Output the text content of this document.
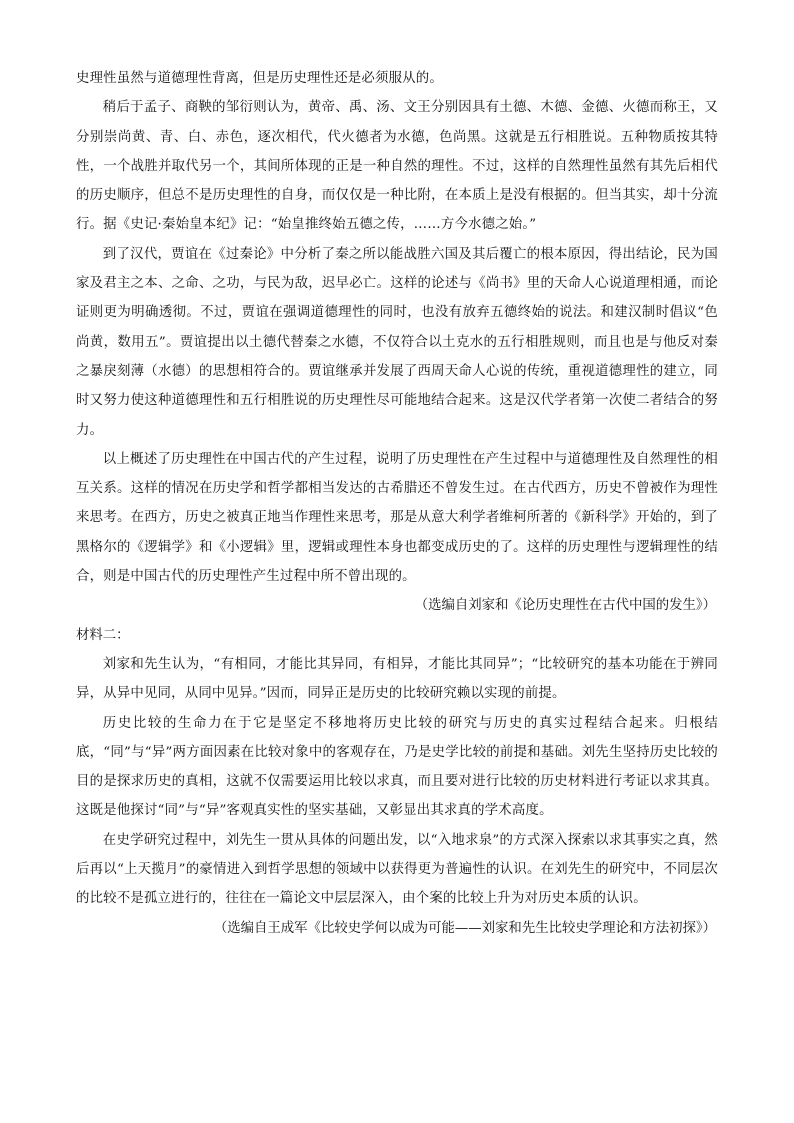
史理性虽然与道德理性背离，但是历史理性还是必须服从的。

稍后于孟子、商鞅的邹衍则认为，黄帝、禹、汤、文王分别因具有土德、木德、金德、火德而称王，又分别崇尚黄、青、白、赤色，逐次相代，代火德者为水德，色尚黑。这就是五行相胜说。五种物质按其特性，一个战胜并取代另一个，其间所体现的正是一种自然的理性。不过，这样的自然理性虽然有其先后相代的历史顺序，但总不是历史理性的自身，而仅仅是一种比附，在本质上是没有根据的。但当其实，却十分流行。据《史记·秦始皇本纪》记：“始皇推终始五德之传，……方今水德之始。”

到了汉代，贾谊在《过秦论》中分析了秦之所以能战胜六国及其后覆亡的根本原因，得出结论，民为国家及君主之本、之命、之功，与民为敌，迟早必亡。这样的论述与《尚书》里的天命人心说道理相通，而论证则更为明确透彻。不过，贾谊在强调道德理性的同时，也没有放弃五德终始的说法。和建汉制时倡议“色尚黄，数用五”。贾谊提出以土德代替秦之水德，不仅符合以土克水的五行相胜规则，而且也是与他反对秦之暴戾刻薄（水德）的思想相符合的。贾谊继承并发展了西周天命人心说的传统，重视道德理性的建立，同时又努力使这种道德理性和五行相胜说的历史理性尽可能地结合起来。这是汉代学者第一次使二者结合的努力。

以上概述了历史理性在中国古代的产生过程，说明了历史理性在产生过程中与道德理性及自然理性的相互关系。这样的情况在历史学和哲学都相当发达的古希腊还不曾发生过。在古代西方，历史不曾被作为理性来思考。在西方，历史之被真正地当作理性来思考，那是从意大利学者维柯所著的《新科学》开始的，到了黑格尔的《逻辑学》和《小逻辑》里，逻辑或理性本身也都变成历史的了。这样的历史理性与逻辑理性的结合，则是中国古代的历史理性产生过程中所不曾出现的。

（选编自刘家和《论历史理性在古代中国的发生》）

材料二：

刘家和先生认为，“有相同，才能比其异同，有相异，才能比其同异”；“比较研究的基本功能在于辨同异，从异中见同，从同中见异。”因而，同异正是历史的比较研究赖以实现的前提。

历史比较的生命力在于它是坚定不移地将历史比较的研究与历史的真实过程结合起来。归根结底，“同”与“异”两方面因素在比较对象中的客观存在，乃是史学比较的前提和基础。刘先生坚持历史比较的目的是探求历史的真相，这就不仅需要运用比较以求真，而且要对进行比较的历史材料进行考证以求其真。这既是他探讨“同”与“异”客观真实性的坚实基础，又彰显出其求真的学术高度。

在史学研究过程中，刘先生一贯从具体的问题出发，以“入地求泉”的方式深入探索以求其事实之真，然后再以“上天揽月”的豪情进入到哲学思想的领域中以获得更为普遍性的认识。在刘先生的研究中，不同层次的比较不是孤立进行的，往往在一篇论文中层层深入，由个案的比较上升为对历史本质的认识。

（选编自王成军《比较史学何以成为可能——刘家和先生比较史学理论和方法初探》）
